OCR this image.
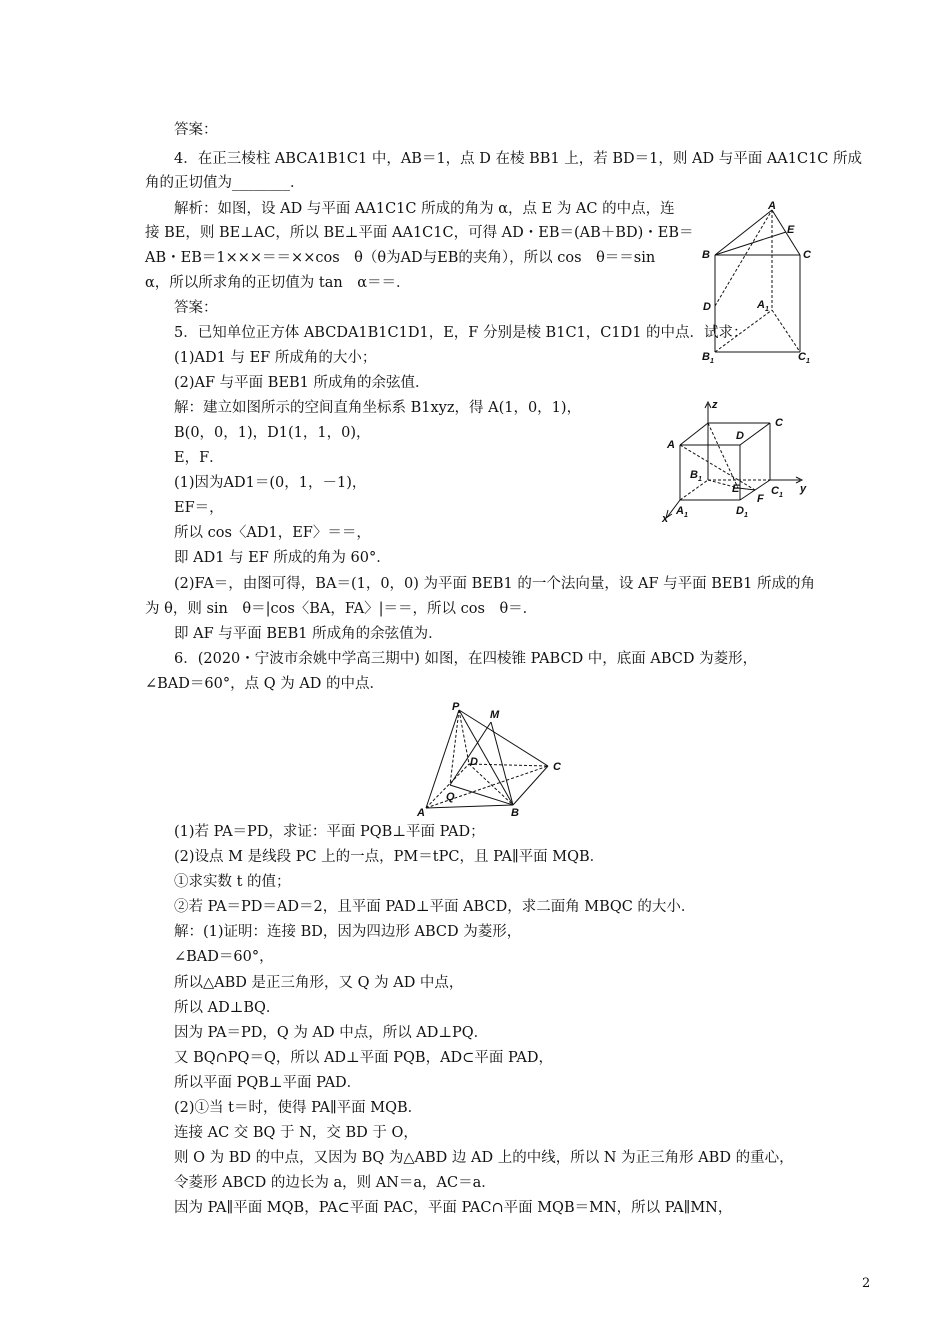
答案：
4．在正三棱柱 ABCA1B1C1 中，AB＝1，点 D 在棱 BB1 上，若 BD＝1，则 AD 与平面 AA1C1C 所成
角的正切值为________．
解析：如图，设 AD 与平面 AA1C1C 所成的角为 α，点 E 为 AC 的中点，连
接 BE，则 BE⊥AC，所以 BE⊥平面 AA1C1C，可得 AD・EB＝(AB＋BD)・EB＝
AB・EB＝1×××＝＝××cos　θ（θ为AD与EB的夹角），所以 cos　θ＝＝sin
α，所以所求角的正切值为 tan　α＝＝．
答案：
5．已知单位正方体 ABCDA1B1C1D1，E，F 分别是棱 B1C1，C1D1 的中点．试求：
(1)AD1 与 EF 所成角的大小；
(2)AF 与平面 BEB1 所成角的余弦值．
解：建立如图所示的空间直角坐标系 B1xyz，得 A(1，0，1)，
B(0，0，1)，D1(1，1，0)，
E，F．
(1)因为AD1＝(0，1，－1)，
EF＝，
所以 cos〈AD1，EF〉＝＝，
即 AD1 与 EF 所成的角为 60°．
(2)FA＝，由图可得，BA＝(1，0，0) 为平面 BEB1 的一个法向量，设 AF 与平面 BEB1 所成的角
为 θ，则 sin　θ＝|cos〈BA，FA〉|＝＝，所以 cos　θ＝．
即 AF 与平面 BEB1 所成角的余弦值为．
6．(2020・宁波市余姚中学高三期中) 如图，在四棱锥 PABCD 中，底面 ABCD 为菱形，
∠BAD＝60°，点 Q 为 AD 的中点．
(1)若 PA＝PD，求证：平面 PQB⊥平面 PAD；
(2)设点 M 是线段 PC 上的一点，PM＝tPC，且 PA∥平面 MQB．
①求实数 t 的值；
②若 PA＝PD＝AD＝2，且平面 PAD⊥平面 ABCD，求二面角 MBQC 的大小．
解：(1)证明：连接 BD，因为四边形 ABCD 为菱形，
∠BAD＝60°，
所以△ABD 是正三角形，又 Q 为 AD 中点，
所以 AD⊥BQ．
因为 PA＝PD，Q 为 AD 中点，所以 AD⊥PQ．
又 BQ∩PQ＝Q，所以 AD⊥平面 PQB，AD⊂平面 PAD，
所以平面 PQB⊥平面 PAD．
(2)①当 t＝时，使得 PA∥平面 MQB．
连接 AC 交 BQ 于 N，交 BD 于 O，
则 O 为 BD 的中点，又因为 BQ 为△ABD 边 AD 上的中线，所以 N 为正三角形 ABD 的重心，
令菱形 ABCD 的边长为 a，则 AN＝a，AC＝a．
因为 PA∥平面 MQB，PA⊂平面 PAC，平面 PAC∩平面 MQB＝MN，所以 PA∥MN，
A
E
B	C
D	A 1
B 1	C 1
z
C
A
D
B 1
E	C 1
y
F
x
A 1	D 1
P
M
D	C
Q
A	B
2
